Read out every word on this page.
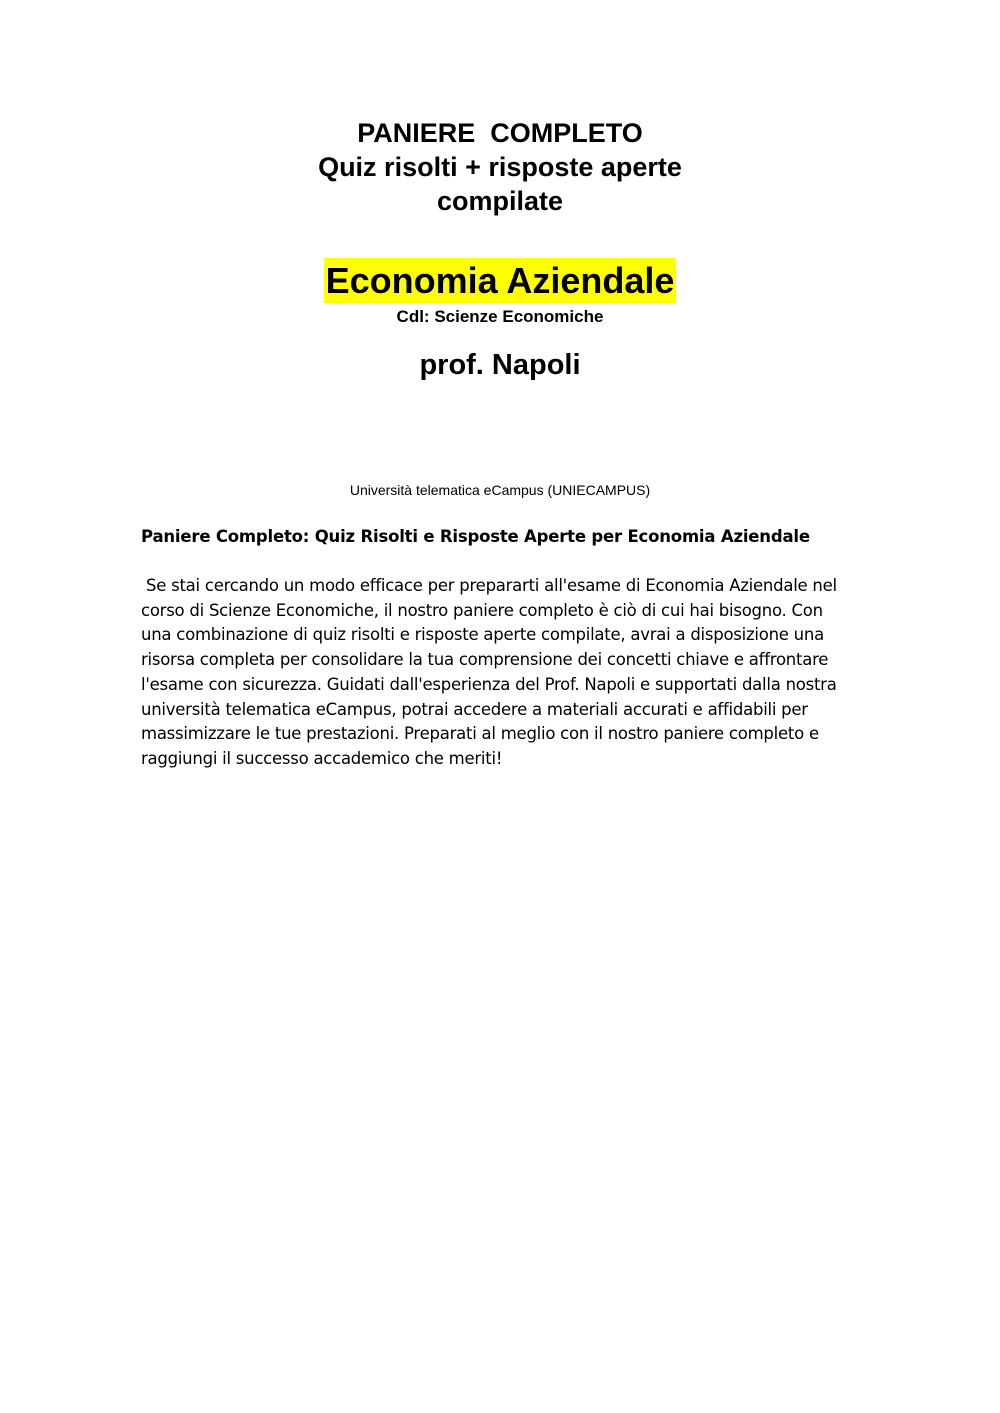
PANIERE  COMPLETO

Quiz risolti + risposte aperte

compilate

Economia Aziendale
Cdl: Scienze Economiche
prof. Napoli
Università telematica eCampus (UNIECAMPUS)
Paniere Completo: Quiz Risolti e Risposte Aperte per Economia Aziendale
Se stai cercando un modo efficace per prepararti all'esame di Economia Aziendale nel
corso di Scienze Economiche, il nostro paniere completo è ciò di cui hai bisogno. Con
una combinazione di quiz risolti e risposte aperte compilate, avrai a disposizione una
risorsa completa per consolidare la tua comprensione dei concetti chiave e affrontare
l'esame con sicurezza. Guidati dall'esperienza del Prof. Napoli e supportati dalla nostra
università telematica eCampus, potrai accedere a materiali accurati e affidabili per
massimizzare le tue prestazioni. Preparati al meglio con il nostro paniere completo e
raggiungi il successo accademico che meriti!
